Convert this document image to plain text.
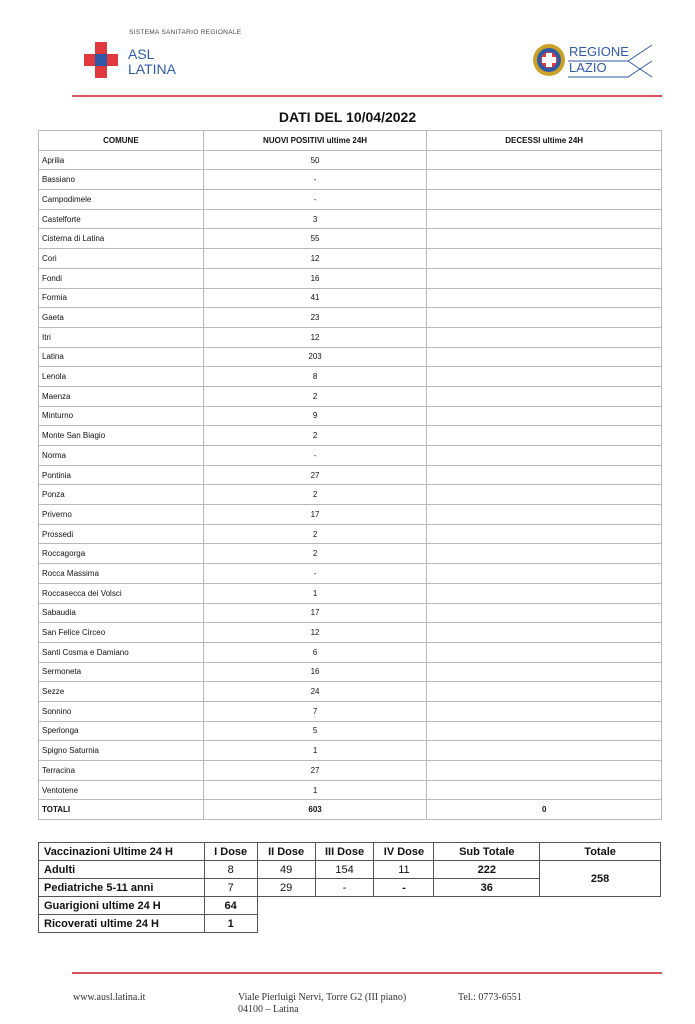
SISTEMA SANITARIO REGIONALE
ASL
LATINA
REGIONE
LAZIO
DATI DEL 10/04/2022
COMUNE	NUOVI POSITIVI ultime 24H	DECESSI ultime 24H
Aprilia	50	
Bassiano	-	
Campodimele	-	
Castelforte	3	
Cisterna di Latina	55	
Cori	12	
Fondi	16	
Formia	41	
Gaeta	23	
Itri	12	
Latina	203	
Lenola	8	
Maenza	2	
Minturno	9	
Monte San Biagio	2	
Norma	-	
Pontinia	27	
Ponza	2	
Priverno	17	
Prossedi	2	
Roccagorga	2	
Rocca Massima	-	
Roccasecca dei Volsci	1	
Sabaudia	17	
San Felice Circeo	12	
Santi Cosma e Damiano	6	
Sermoneta	16	
Sezze	24	
Sonnino	7	
Sperlonga	5	
Spigno Saturnia	1	
Terracina	27	
Ventotene	1	
TOTALI	603	0
Vaccinazioni Ultime 24 H	I Dose	II Dose	III Dose	IV Dose	Sub Totale	Totale
Adulti	8	49	154	11	222	258
Pediatriche 5-11 anni	7	29	-	-	36	
Guarigioni ultime 24 H	64					
Ricoverati ultime 24 H	1					
www.ausl.latina.it	Viale Pierluigi Nervi, Torre G2 (III piano)
04100 – Latina
Tel.: 0773-6551
